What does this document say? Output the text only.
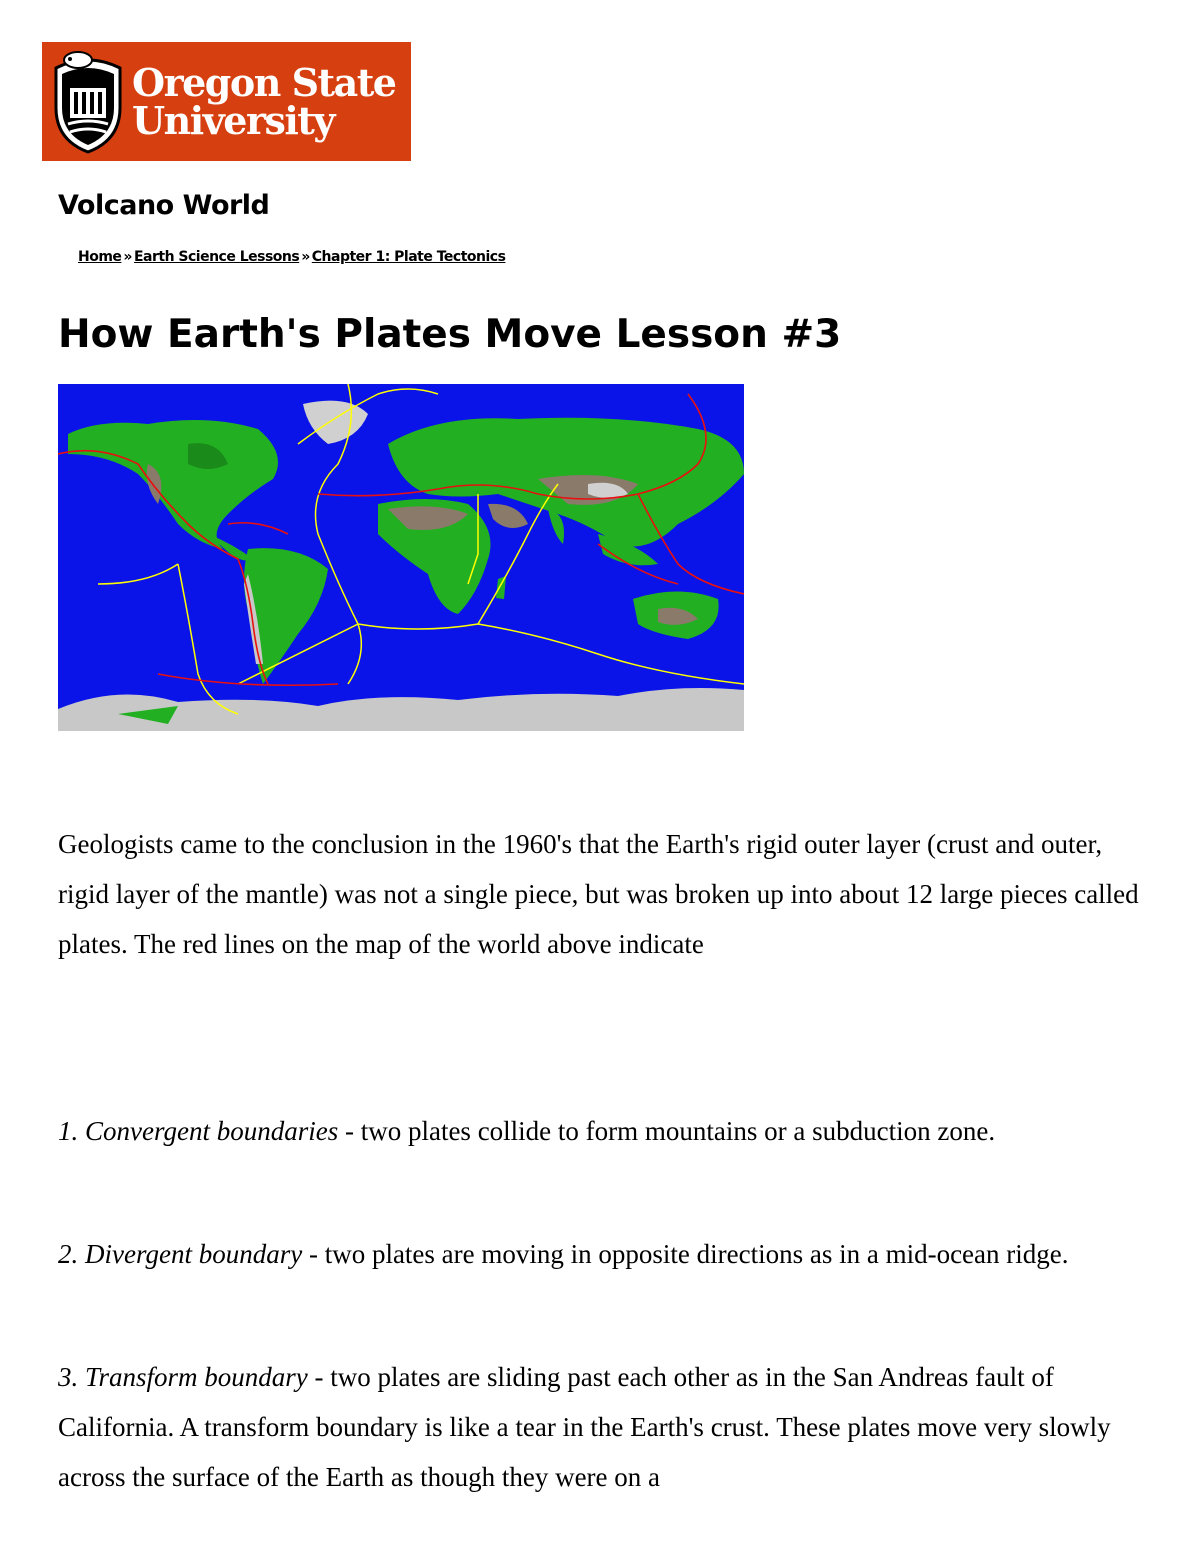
Oregon State
University
Volcano World
Home » Earth Science Lessons » Chapter 1: Plate Tectonics
How Earth's Plates Move Lesson #3

Geologists came to the conclusion in the 1960's that the Earth's rigid outer layer (crust and outer, rigid layer of the mantle) was not a single piece, but was broken up into about 12 large pieces called plates. The red lines on the map of the world above indicate

1. Convergent boundaries - two plates collide to form mountains or a subduction zone.

2. Divergent boundary - two plates are moving in opposite directions as in a mid-ocean ridge.

3. Transform boundary - two plates are sliding past each other as in the San Andreas fault of California. A transform boundary is like a tear in the Earth's crust. These plates move very slowly across the surface of the Earth as though they were on a
